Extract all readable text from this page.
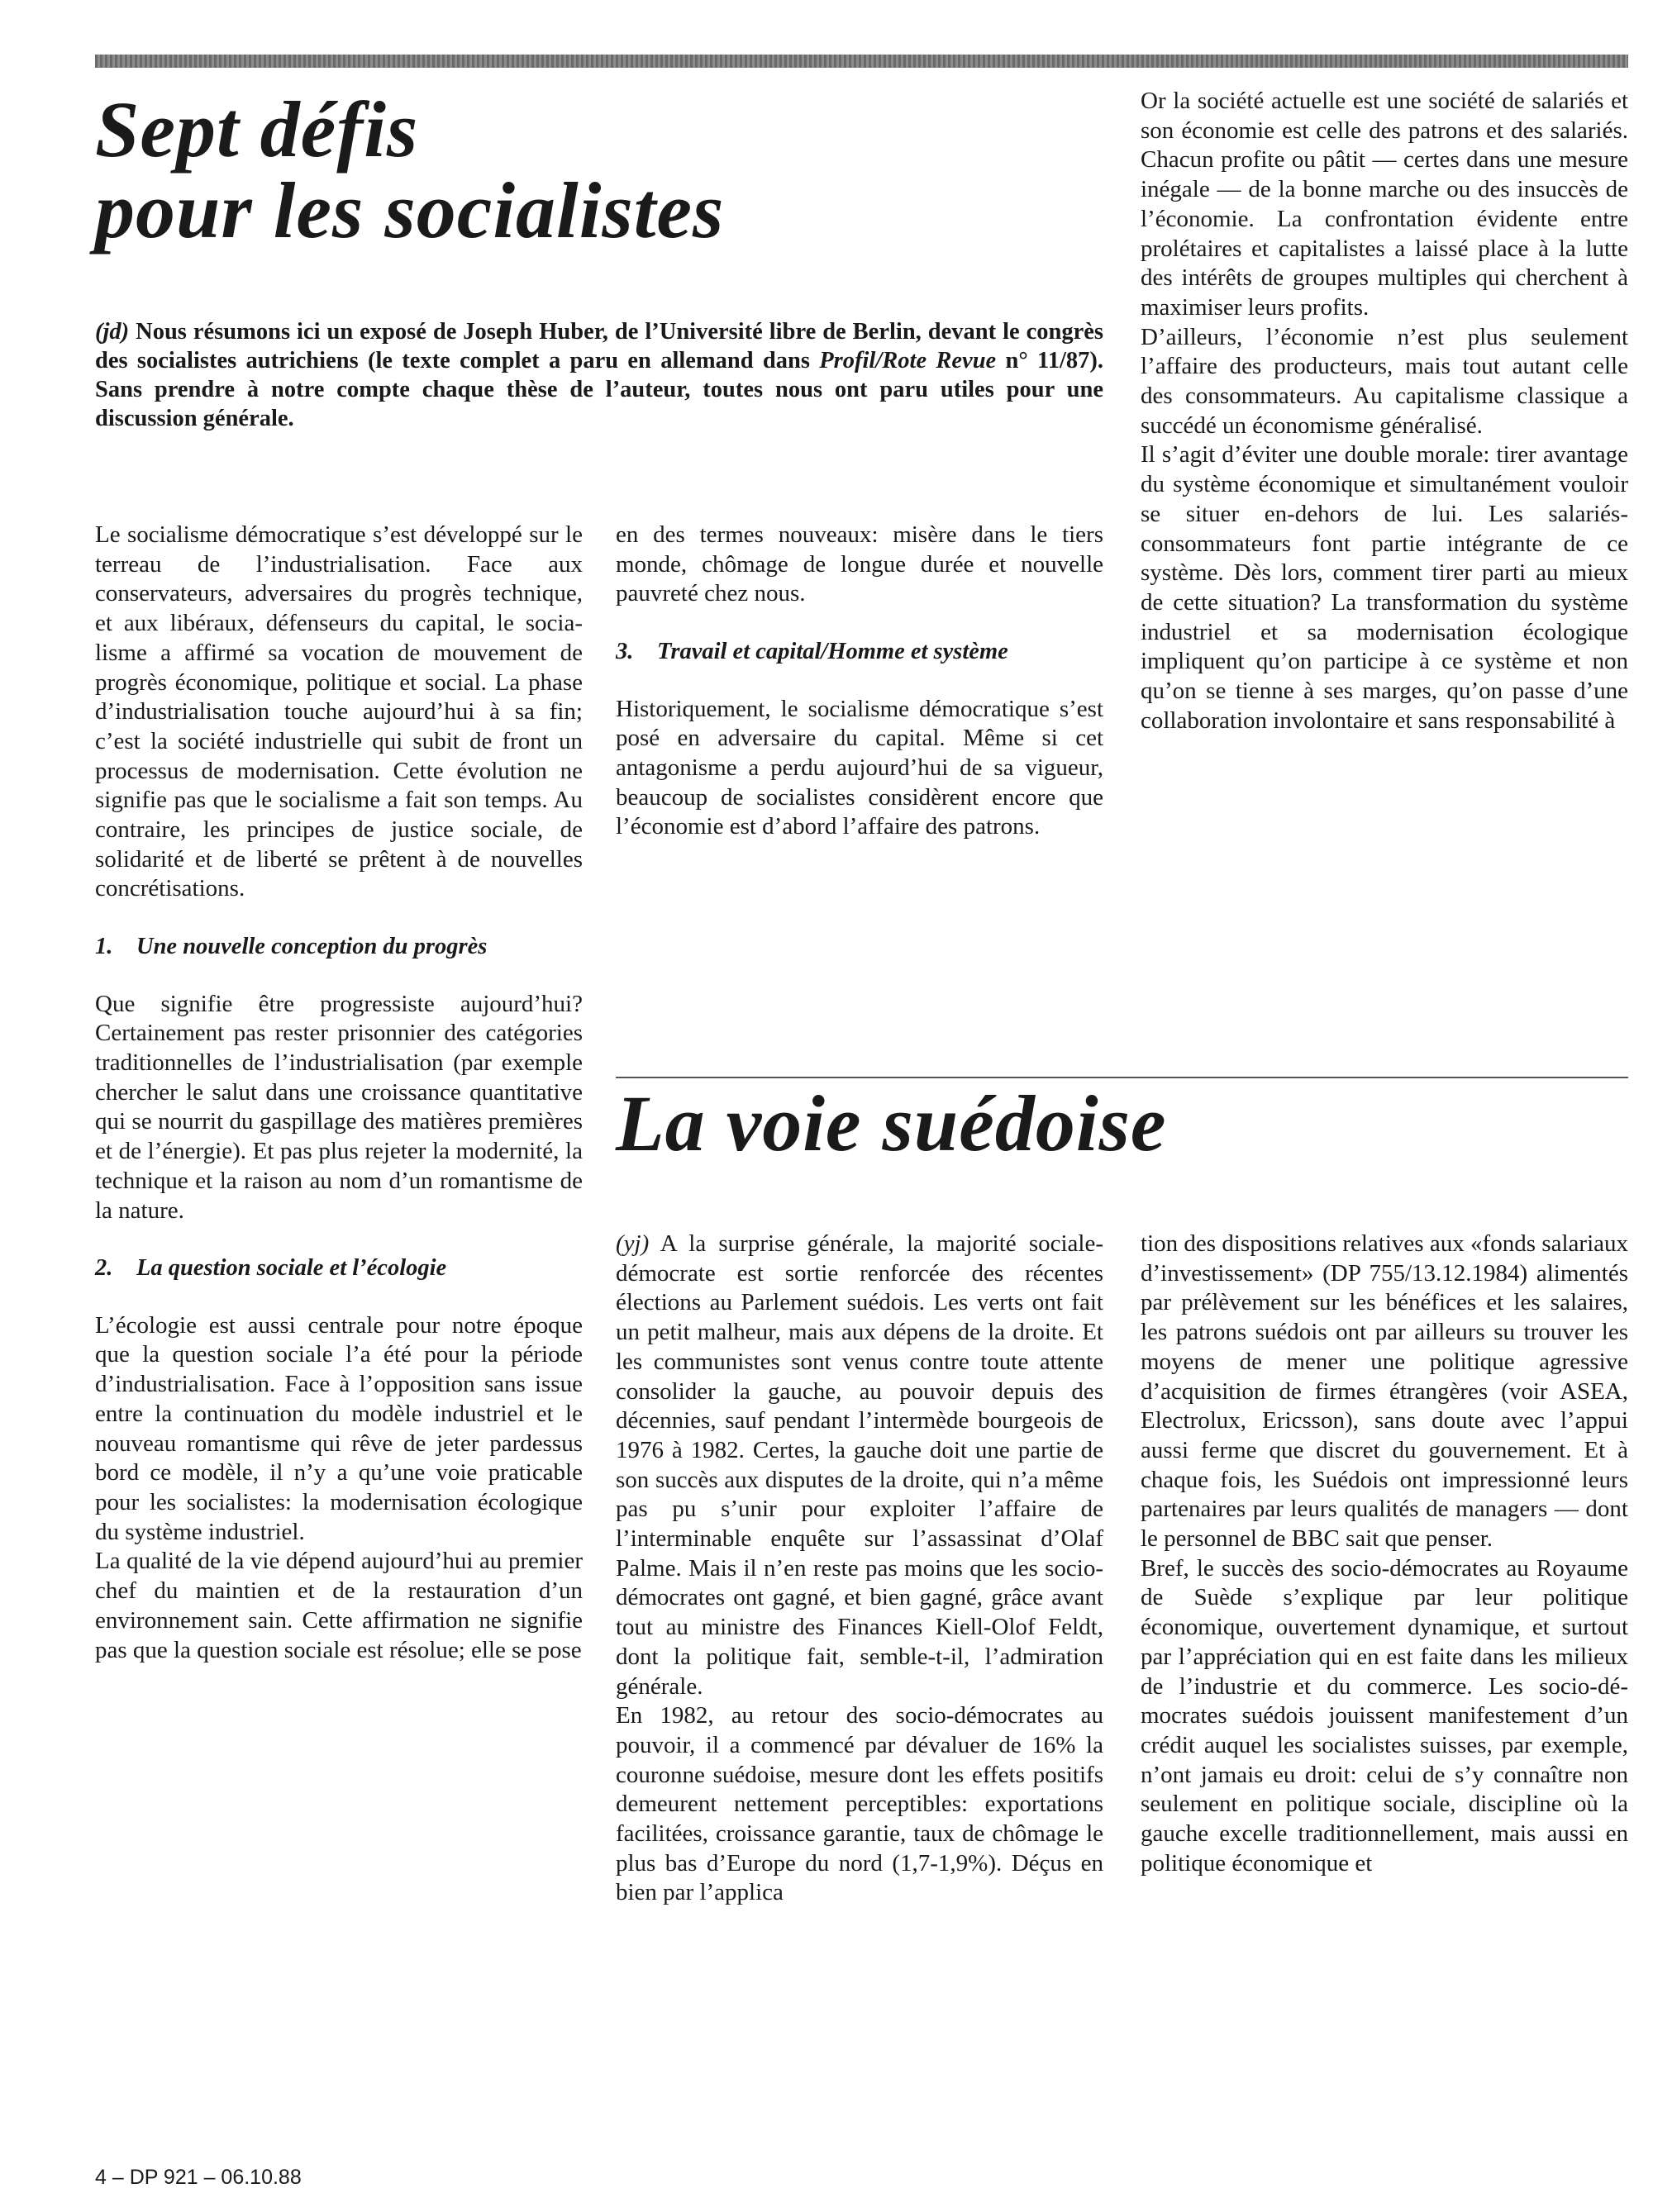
Sept défis
pour les socialistes

(jd) Nous résumons ici un exposé de Joseph Huber, de l’Université libre de Berlin, devant le congrès des socialistes autrichiens (le texte complet a paru en allemand dans Profil/Rote Revue n° 11/87). Sans prendre à notre compte chaque thèse de l’auteur, toutes nous ont paru utiles pour une discussion générale.

Le socialisme démocratique s’est développé sur le terreau de l’industrialisation. Face aux conservateurs, adversaires du progrès technique, et aux libéraux, défenseurs du capital, le socialisme a affirmé sa vocation de mouvement de progrès économique, politique et social. La phase d’industrialisation touche aujourd’hui à sa fin; c’est la société industrielle qui subit de front un processus de modernisation. Cette évolution ne signifie pas que le socialisme a fait son temps. Au contraire, les principes de justice sociale, de solidarité et de liberté se prêtent à de nouvelles concrétisations.

1. Une nouvelle conception du progrès

Que signifie être progressiste aujourd’hui? Certainement pas rester prisonnier des catégories traditionnelles de l’industrialisation (par exemple chercher le salut dans une croissance quantitative qui se nourrit du gaspillage des matières premières et de l’énergie). Et pas plus rejeter la modernité, la technique et la raison au nom d’un romantisme de la nature.

2. La question sociale et l’écologie

L’écologie est aussi centrale pour notre époque que la question sociale l’a été pour la période d’industrialisation. Face à l’opposition sans issue entre la continuation du modèle industriel et le nouveau romantisme qui rêve de jeter pardessus bord ce modèle, il n’y a qu’une voie praticable pour les socialistes: la modernisation écologique du système industriel.

La qualité de la vie dépend aujourd’hui au premier chef du maintien et de la restauration d’un environnement sain. Cette affirmation ne signifie pas que la question sociale est résolue; elle se pose

en des termes nouveaux: misère dans le tiers monde, chômage de longue durée et nouvelle pauvreté chez nous.

3. Travail et capital/Homme et système

Historiquement, le socialisme démocratique s’est posé en adversaire du capital. Même si cet antagonisme a perdu aujourd’hui de sa vigueur, beaucoup de socialistes considèrent encore que l’économie est d’abord l’affaire des patrons.

Or la société actuelle est une société de salariés et son économie est celle des patrons et des salariés. Chacun profite ou pâtit — certes dans une mesure inégale — de la bonne marche ou des insuccès de l’économie. La confrontation évidente entre prolétaires et capitalistes a laissé place à la lutte des intérêts de groupes multiples qui cherchent à maximiser leurs profits.

D’ailleurs, l’économie n’est plus seulement l’affaire des producteurs, mais tout autant celle des consommateurs. Au capitalisme classique a succédé un économisme généralisé.

Il s’agit d’éviter une double morale: tirer avantage du système économique et simultanément vouloir se situer en-dehors de lui. Les salariés-consommateurs font partie intégrante de ce système. Dès lors, comment tirer parti au mieux de cette situation? La transformation du système industriel et sa modernisation écologique impliquent qu’on participe à ce système et non qu’on se tienne à ses marges, qu’on passe d’une collaboration involontaire et sans responsabilité à

La voie suédoise

(yj) A la surprise générale, la majorité sociale-démocrate est sortie renforcée des récentes élections au Parlement suédois. Les verts ont fait un petit malheur, mais aux dépens de la droite. Et les communistes sont venus contre toute attente consolider la gauche, au pouvoir depuis des décennies, sauf pendant l’intermède bourgeois de 1976 à 1982. Certes, la gauche doit une partie de son succès aux disputes de la droite, qui n’a même pas pu s’unir pour exploiter l’affaire de l’interminable enquête sur l’assassinat d’Olaf Palme. Mais il n’en reste pas moins que les socio-démocrates ont gagné, et bien gagné, grâce avant tout au ministre des Finances Kiell-Olof Feldt, dont la politique fait, semble-t-il, l’admiration générale.

En 1982, au retour des socio-démocrates au pouvoir, il a commencé par dévaluer de 16% la couronne suédoise, mesure dont les effets positifs demeurent nettement perceptibles: exportations facilitées, croissance garantie, taux de chômage le plus bas d’Europe du nord (1,7-1,9%). Déçus en bien par l’applica

tion des dispositions relatives aux «fonds salariaux d’investissement» (DP 755/13.12.1984) alimentés par prélèvement sur les bénéfices et les salaires, les patrons suédois ont par ailleurs su trouver les moyens de mener une politique agressive d’acquisition de firmes étrangères (voir ASEA, Electrolux, Ericsson), sans doute avec l’appui aussi ferme que discret du gouvernement. Et à chaque fois, les Suédois ont impressionné leurs partenaires par leurs qualités de managers — dont le personnel de BBC sait que penser.

Bref, le succès des socio-démocrates au Royaume de Suède s’explique par leur politique économique, ouvertement dynamique, et surtout par l’appréciation qui en est faite dans les milieux de l’industrie et du commerce. Les socio-démocrates suédois jouissent manifestement d’un crédit auquel les socialistes suisses, par exemple, n’ont jamais eu droit: celui de s’y connaître non seulement en politique sociale, discipline où la gauche excelle traditionnellement, mais aussi en politique économique et

4 – DP 921 – 06.10.88
